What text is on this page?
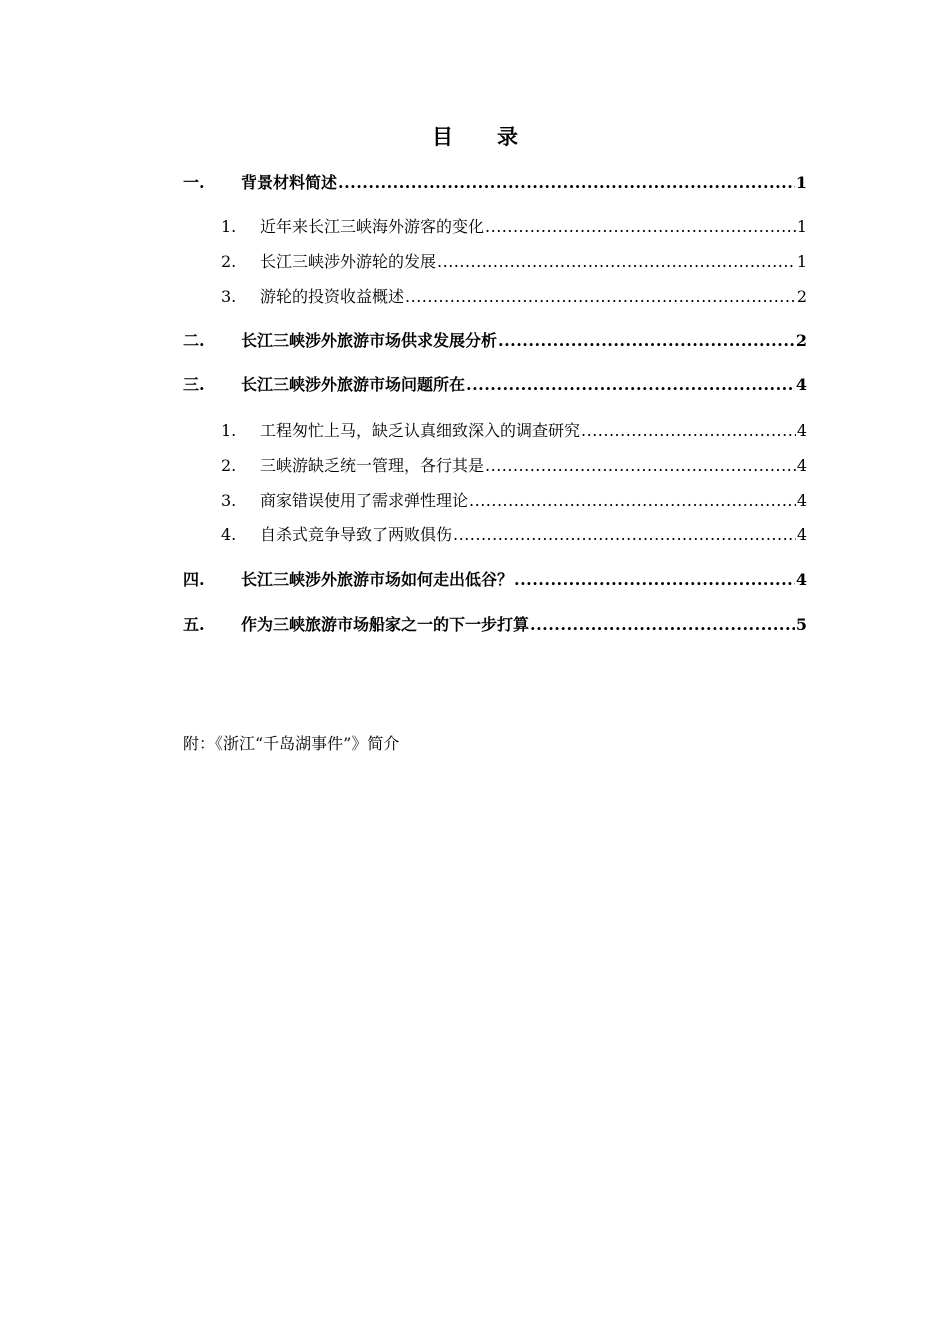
目 录
一.	背景材料简述 .....	1
1.	近年来长江三峡海外游客的变化 .....	1
2.	长江三峡涉外游轮的发展 .....	1
3.	游轮的投资收益概述 .....	2
二.	长江三峡涉外旅游市场供求发展分析 .....	2
三.	长江三峡涉外旅游市场问题所在 .....	4
1.	工程匆忙上马，缺乏认真细致深入的调查研究 .....	4
2.	三峡游缺乏统一管理，各行其是 .....	4
3.	商家错误使用了需求弹性理论 .....	4
4.	自杀式竞争导致了两败俱伤 .....	4
四.	长江三峡涉外旅游市场如何走出低谷？ .....	4
五.	作为三峡旅游市场船家之一的下一步打算 .....	5
附：《浙江“千岛湖事件”》简介
